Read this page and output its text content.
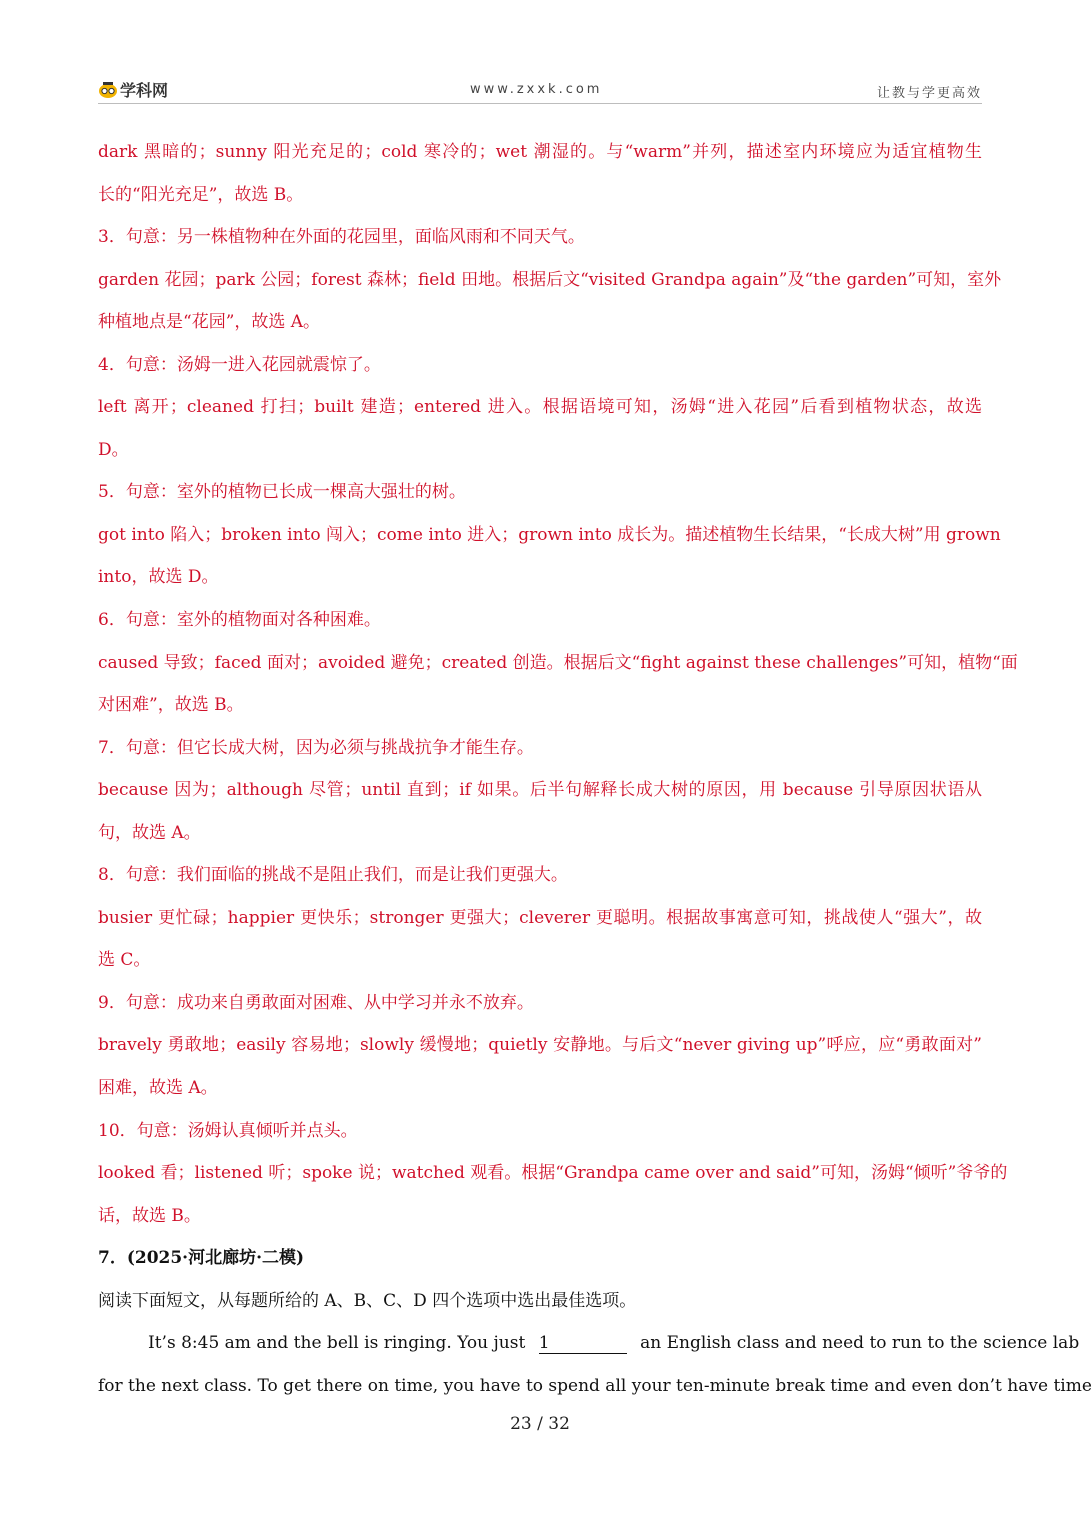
学科网	www.zxxk.com	让教与学更高效
dark 黑暗的；sunny 阳光充足的；cold 寒冷的；wet 潮湿的。与“warm”并列，描述室内环境应为适宜植物生
长的“阳光充足”，故选 B。
3．句意：另一株植物种在外面的花园里，面临风雨和不同天气。
garden 花园；park 公园；forest 森林；field 田地。根据后文“visited Grandpa again”及“the garden”可知，室外
种植地点是“花园”，故选 A。
4．句意：汤姆一进入花园就震惊了。
left 离开；cleaned 打扫；built 建造；entered 进入。根据语境可知，汤姆“进入花园”后看到植物状态，故选
D。
5．句意：室外的植物已长成一棵高大强壮的树。
got into 陷入；broken into 闯入；come into 进入；grown into 成长为。描述植物生长结果，“长成大树”用 grown
into，故选 D。
6．句意：室外的植物面对各种困难。
caused 导致；faced 面对；avoided 避免；created 创造。根据后文“fight against these challenges”可知，植物“面
对困难”，故选 B。
7．句意：但它长成大树，因为必须与挑战抗争才能生存。
because 因为；although 尽管；until 直到；if 如果。后半句解释长成大树的原因，用 because 引导原因状语从
句，故选 A。
8．句意：我们面临的挑战不是阻止我们，而是让我们更强大。
busier 更忙碌；happier 更快乐；stronger 更强大；cleverer 更聪明。根据故事寓意可知，挑战使人“强大”，故
选 C。
9．句意：成功来自勇敢面对困难、从中学习并永不放弃。
bravely 勇敢地；easily 容易地；slowly 缓慢地；quietly 安静地。与后文“never giving up”呼应，应“勇敢面对”
困难，故选 A。
10．句意：汤姆认真倾听并点头。
looked 看；listened 听；spoke 说；watched 观看。根据“Grandpa came over and said”可知，汤姆“倾听”爷爷的
话，故选 B。
7．(2025·河北廊坊·二模)
阅读下面短文，从每题所给的 A、B、C、D 四个选项中选出最佳选项。
It’s 8:45 am and the bell is ringing. You just 1	an English class and need to run to the science lab
for the next class. To get there on time, you have to spend all your ten-minute break time and even don’t have time
23 / 32
